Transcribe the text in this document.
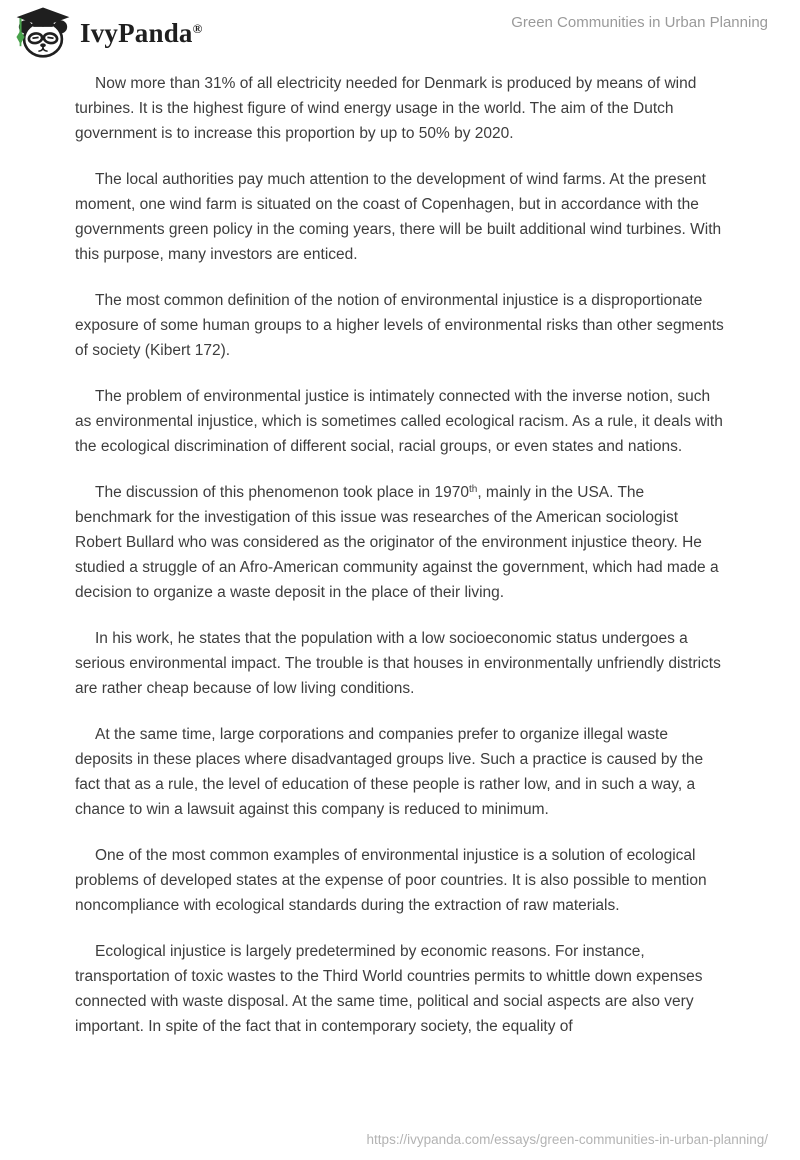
IvyPanda®	Green Communities in Urban Planning

Now more than 31% of all electricity needed for Denmark is produced by means of wind turbines. It is the highest figure of wind energy usage in the world. The aim of the Dutch government is to increase this proportion by up to 50% by 2020.

The local authorities pay much attention to the development of wind farms. At the present moment, one wind farm is situated on the coast of Copenhagen, but in accordance with the governments green policy in the coming years, there will be built additional wind turbines. With this purpose, many investors are enticed.

The most common definition of the notion of environmental injustice is a disproportionate exposure of some human groups to a higher levels of environmental risks than other segments of society (Kibert 172).

The problem of environmental justice is intimately connected with the inverse notion, such as environmental injustice, which is sometimes called ecological racism. As a rule, it deals with the ecological discrimination of different social, racial groups, or even states and nations.

The discussion of this phenomenon took place in 1970th, mainly in the USA. The benchmark for the investigation of this issue was researches of the American sociologist Robert Bullard who was considered as the originator of the environment injustice theory. He studied a struggle of an Afro-American community against the government, which had made a decision to organize a waste deposit in the place of their living.

In his work, he states that the population with a low socioeconomic status undergoes a serious environmental impact. The trouble is that houses in environmentally unfriendly districts are rather cheap because of low living conditions.

At the same time, large corporations and companies prefer to organize illegal waste deposits in these places where disadvantaged groups live. Such a practice is caused by the fact that as a rule, the level of education of these people is rather low, and in such a way, a chance to win a lawsuit against this company is reduced to minimum.

One of the most common examples of environmental injustice is a solution of ecological problems of developed states at the expense of poor countries. It is also possible to mention noncompliance with ecological standards during the extraction of raw materials.

Ecological injustice is largely predetermined by economic reasons. For instance, transportation of toxic wastes to the Third World countries permits to whittle down expenses connected with waste disposal. At the same time, political and social aspects are also very important. In spite of the fact that in contemporary society, the equality of

https://ivypanda.com/essays/green-communities-in-urban-planning/
